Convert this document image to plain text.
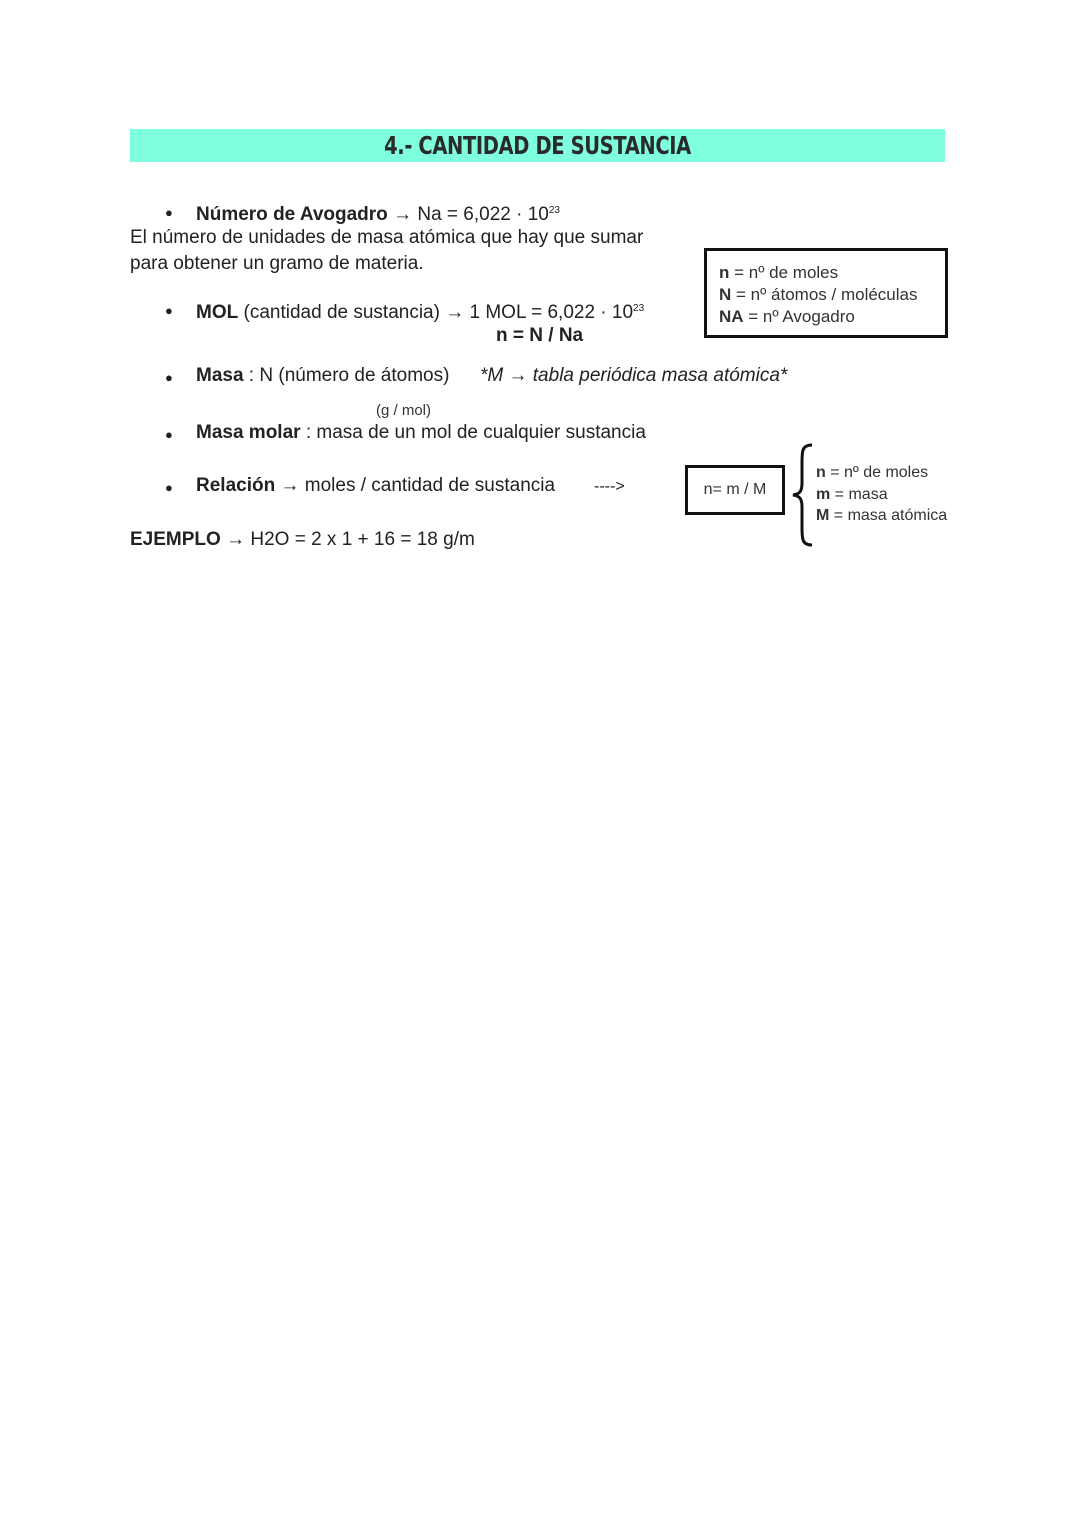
4.- CANTIDAD DE SUSTANCIA
● Número de Avogadro → $Na = 6,022 \cdot 10^{23}$
El número de unidades de masa atómica que hay que sumar
para obtener un gramo de materia.	n = nº de moles
N = nº átomos / moléculas
NA = nº Avogadro
● MOL (cantidad de sustancia) → 1 MOL = $6,022 \cdot 10^{23}$
n = N / Na
● Masa : N (número de átomos) *M → tabla periódica masa atómica*
(g / mol)
● Masa molar : masa de un mol de cualquier sustancia
● Relación → moles / cantidad de sustancia ---->	n= m / M
n = nº de moles
m = masa
M = masa atómica
EJEMPLO → H2O = 2 x 1 + 16 = 18 g/m
